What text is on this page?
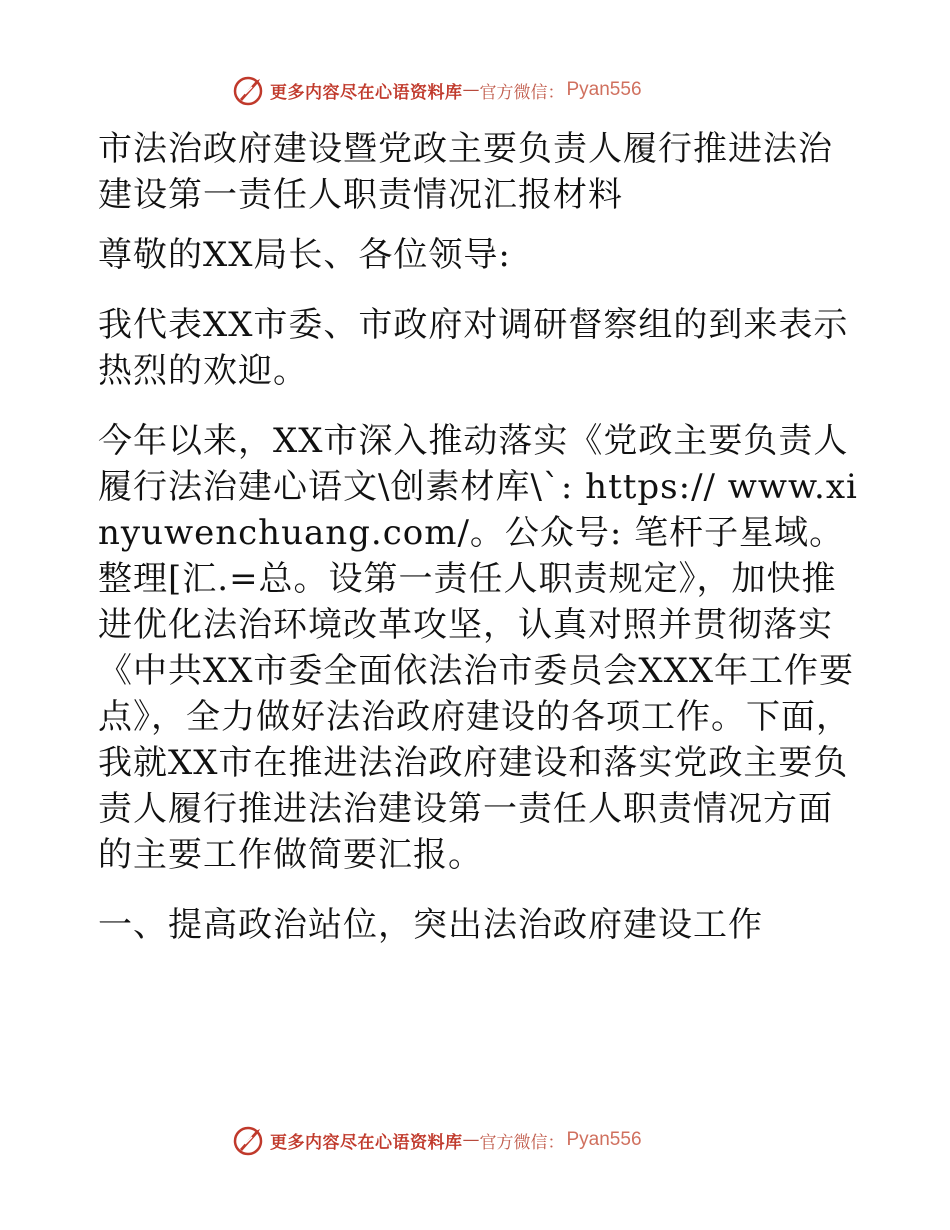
更多内容尽在心语资料库 — 官方微信： Pyan556

市法治政府建设暨党政主要负责人履行推进法治建设第一责任人职责情况汇报材料

尊敬的XX局长、各位领导:

我代表XX市委、市政府对调研督察组的到来表示热烈的欢迎。

今年以来，XX市深入推动落实《党政主要负责人履行法治建心语文\创素材库\`: https:// www.xinyuwenchuang.com/。公众号: 笔杆子星域。整理[汇.=总。设第一责任人职责规定》，加快推进优化法治环境改革攻坚，认真对照并贯彻落实《中共XX市委全面依法治市委员会XXX年工作要点》，全力做好法治政府建设的各项工作。下面，我就XX市在推进法治政府建设和落实党政主要负责人履行推进法治建设第一责任人职责情况方面的主要工作做简要汇报。

一、提高政治站位，突出法治政府建设工作

更多内容尽在心语资料库 — 官方微信： Pyan556
